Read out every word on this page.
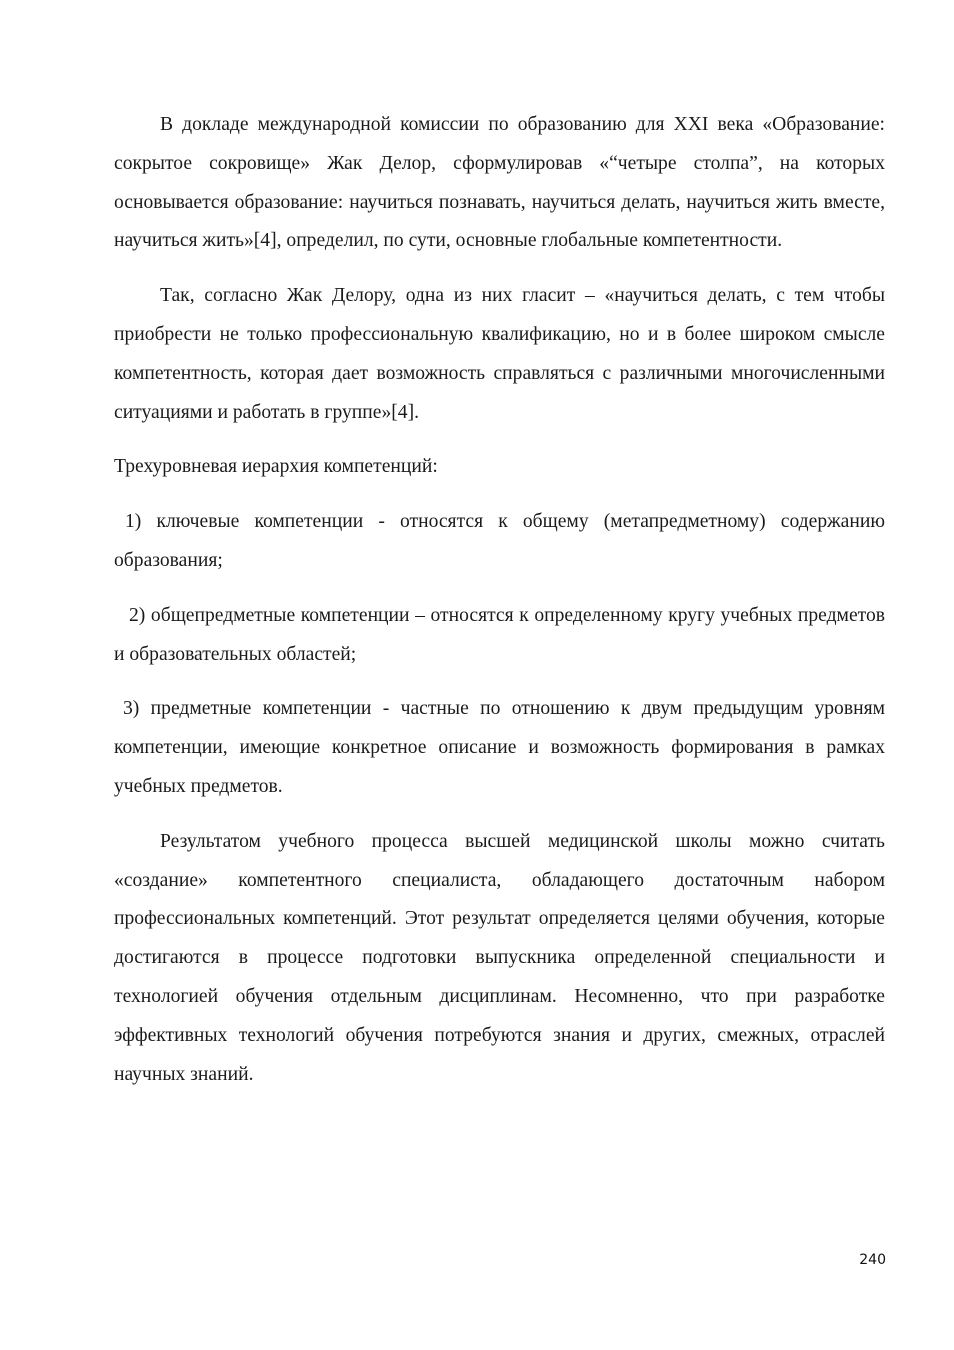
В докладе международной комиссии по образованию для XXI века «Образование: сокрытое сокровище» Жак Делор, сформулировав «“четыре столпа”, на которых основывается образование: научиться познавать, научиться делать, научиться жить вместе, научиться жить»[4], определил, по сути, основные глобальные компетентности.

Так, согласно Жак Делору, одна из них гласит – «научиться делать, с тем чтобы приобрести не только профессиональную квалификацию, но и в более широком смысле компетентность, которая дает возможность справляться с различными многочисленными ситуациями и работать в группе»[4].

Трехуровневая иерархия компетенций:

1) ключевые компетенции - относятся к общему (метапредметному) содержанию образования;

2) общепредметные компетенции – относятся к определенному кругу учебных предметов и образовательных областей;

3) предметные компетенции - частные по отношению к двум предыдущим уровням компетенции, имеющие конкретное описание и возможность формирования в рамках учебных предметов.

Результатом учебного процесса высшей медицинской школы можно считать «создание» компетентного специалиста, обладающего достаточным набором профессиональных компетенций. Этот результат определяется целями обучения, которые достигаются в процессе подготовки выпускника определенной специальности и технологией обучения отдельным дисциплинам. Несомненно, что при разработке эффективных технологий обучения потребуются знания и других, смежных, отраслей научных знаний.

240
